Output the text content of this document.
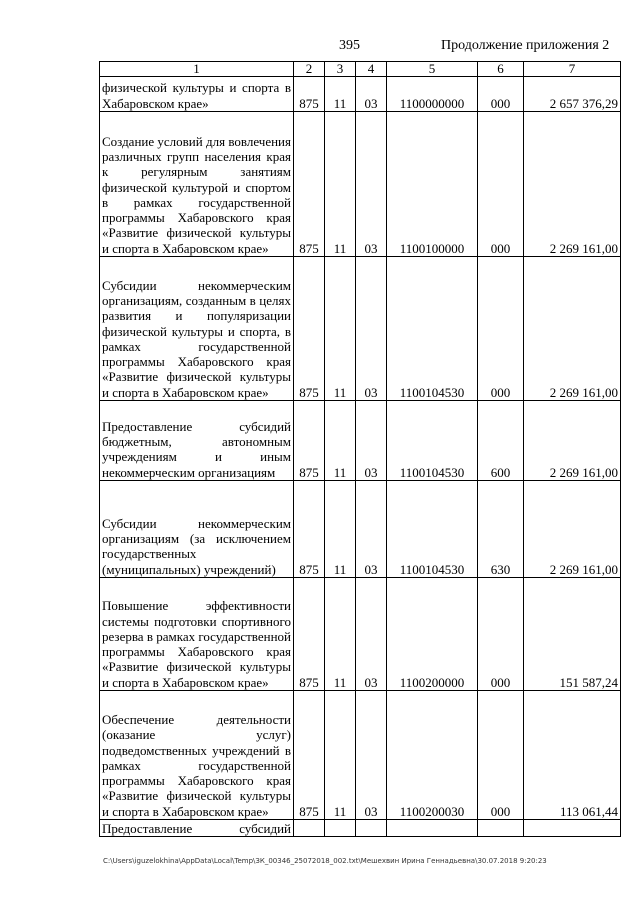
395	Продолжение приложения 2
1	2	3	4	5	6	7
физической культуры и спорта в Хабаровском крае»	875	11	03	1100000000	000	2 657 376,29
Создание условий для вовлечения различных групп населения края к регулярным занятиям физической культурой и спортом в рамках государственной программы Хабаровского края «Развитие физической культуры и спорта в Хабаровском крае»	875	11	03	1100100000	000	2 269 161,00
Субсидии некоммерческим организациям, созданным в целях развития и популяризации физической культуры и спорта, в рамках государственной программы Хабаровского края «Развитие физической культуры и спорта в Хабаровском крае»	875	11	03	1100104530	000	2 269 161,00
Предоставление субсидий бюджетным, автономным учреждениям и иным некоммерческим организациям	875	11	03	1100104530	600	2 269 161,00
Субсидии некоммерческим организациям (за исключением государственных (муниципальных) учреждений)	875	11	03	1100104530	630	2 269 161,00
Повышение эффективности системы подготовки спортивного резерва в рамках государственной программы Хабаровского края «Развитие физической культуры и спорта в Хабаровском крае»	875	11	03	1100200000	000	151 587,24
Обеспечение деятельности (оказание услуг) подведомственных учреждений в рамках государственной программы Хабаровского края «Развитие физической культуры и спорта в Хабаровском крае»	875	11	03	1100200030	000	113 061,44
Предоставление субсидий						
C:\Users\iguzelokhina\AppData\Local\Temp\ЗК_00346_25072018_002.txt\Мешехвин Ирина Геннадьевна\30.07.2018 9:20:23
